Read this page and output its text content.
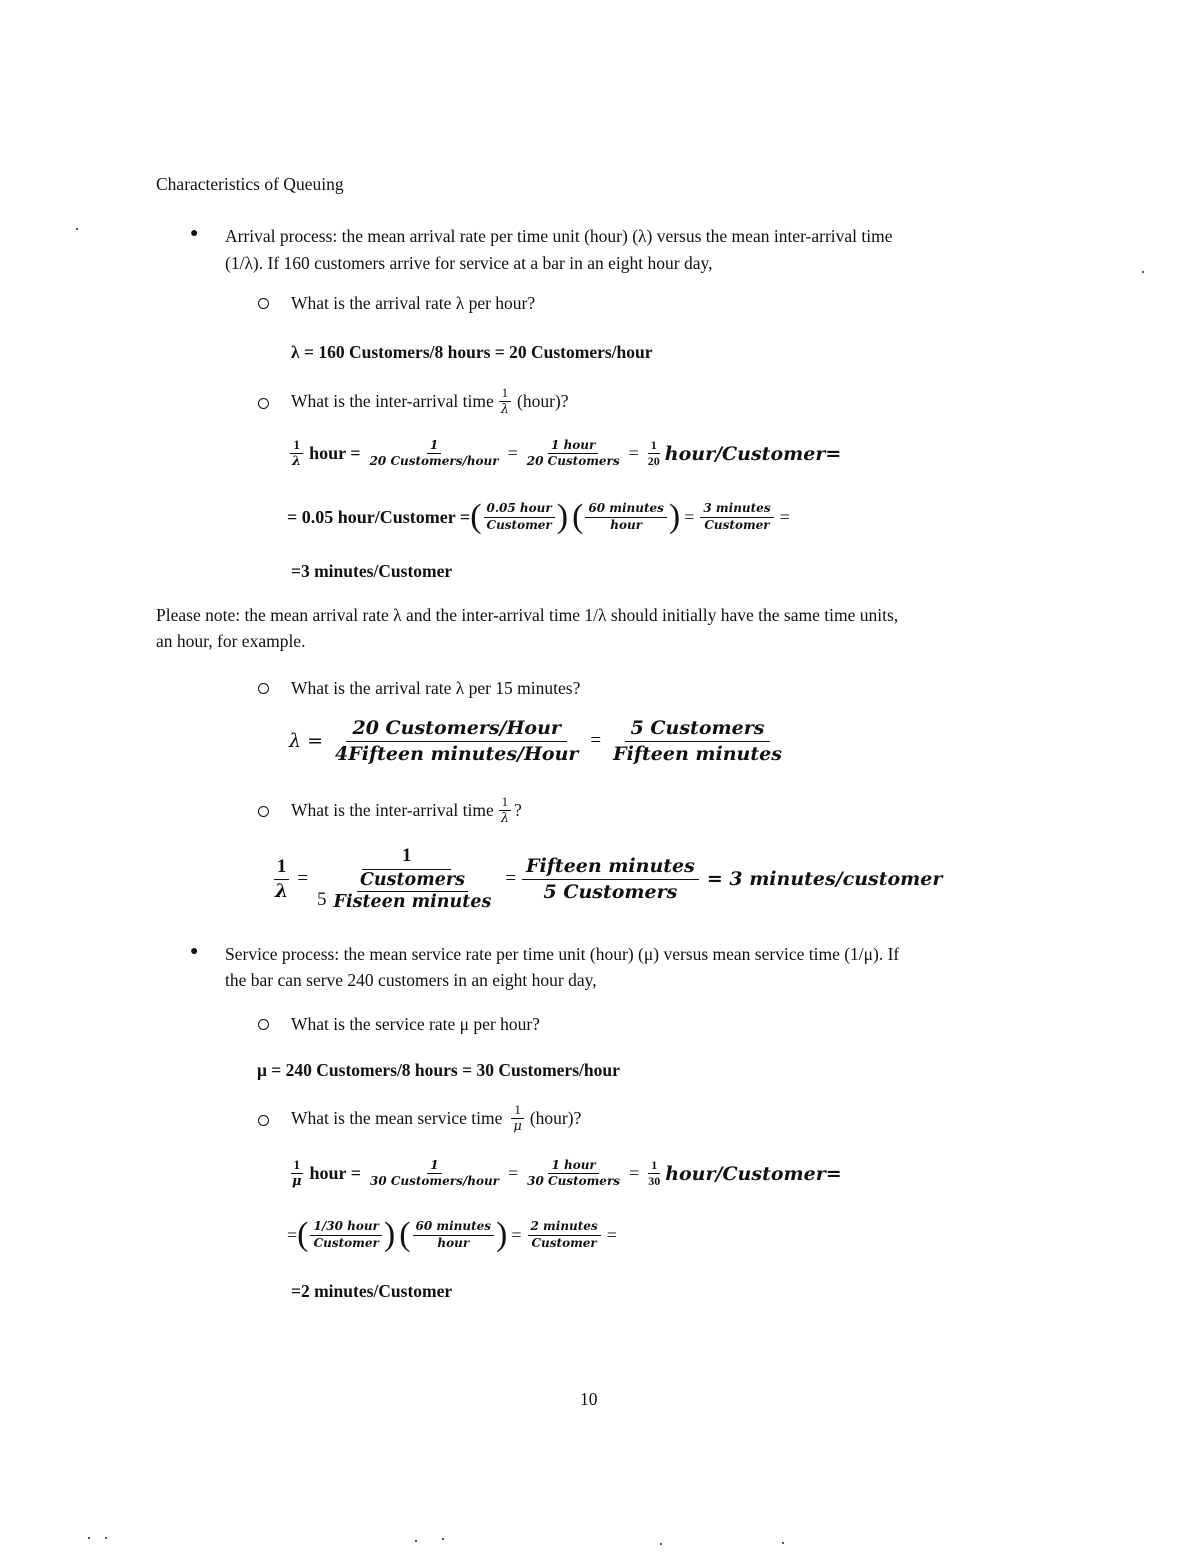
Characteristics of Queuing
● Arrival process: the mean arrival rate per time unit (hour) (λ) versus the mean inter-arrival time
(1/λ). If 160 customers arrive for service at a bar in an eight hour day,
What is the arrival rate λ per hour?
λ = 160 Customers/8 hours = 20 Customers/hour
What is the inter-arrival time $\frac{1}{\lambda}$ (hour)?
$\frac{1}{\lambda}$ hour = $\frac{1}{\text{20 Customers/hour}} = \frac{\text{1 hour}}{\text{20 Customers}} = \frac{1}{20}$ hour/Customer=
= 0.05 hour/Customer = ( $\frac{\text{0.05 hour}}{\text{Customer}}$ ) ( $\frac{\text{60 minutes}}{\text{hour}}$ ) = $\frac{\text{3 minutes}}{\text{Customer}}$ =
=3 minutes/Customer
Please note: the mean arrival rate λ and the inter-arrival time 1/λ should initially have the same time units,
an hour, for example.
What is the arrival rate λ per 15 minutes?
$\lambda = \frac{\text{20 Customers/Hour}}{\text{4Fifteen minutes/Hour}} = \frac{\text{5 Customers}}{\text{Fifteen minutes}}$
What is the inter-arrival time $\frac{1}{\lambda}$ ?
$\frac{1}{\lambda} = \frac{1}{5 \frac{\text{Customers}}{\text{Fisteen minutes}}} = \frac{\text{Fifteen minutes}}{\text{5 Customers}} = 3$ minutes/customer
● Service process: the mean service rate per time unit (hour) (μ) versus mean service time (1/μ). If
the bar can serve 240 customers in an eight hour day,
What is the service rate μ per hour?
μ = 240 Customers/8 hours = 30 Customers/hour
What is the mean service time $\frac{1}{\mu}$ (hour)?
$\frac{1}{\mu}$ hour = $\frac{1}{\text{30 Customers/hour}} = \frac{\text{1 hour}}{\text{30 Customers}} = \frac{1}{30}$ hour/Customer=
= ( $\frac{\text{1/30 hour}}{\text{Customer}}$ ) ( $\frac{\text{60 minutes}}{\text{hour}}$ ) = $\frac{\text{2 minutes}}{\text{Customer}}$ =
=2 minutes/Customer
10
